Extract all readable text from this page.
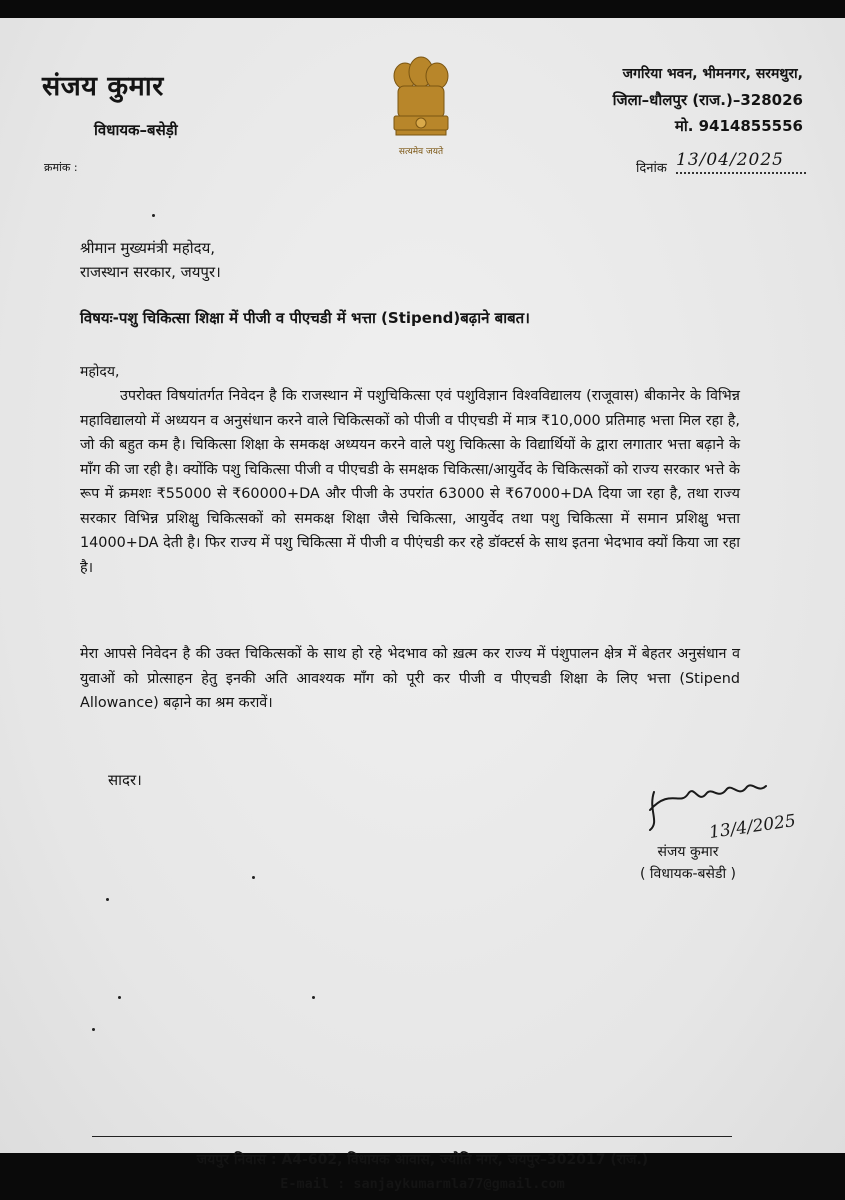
संजय कुमार
विधायक–बसेड़ी
सत्यमेव जयते
जगरिया भवन, भीमनगर, सरमथुरा,
जिला–धौलपुर (राज.)–328026
मो. 9414855556
क्रमांक :	दिनांक 13/04/2025
श्रीमान मुख्यमंत्री महोदय,
राजस्थान सरकार, जयपुर।
विषयः-पशु चिकित्सा शिक्षा में पीजी व पीएचडी में भत्ता (Stipend)बढ़ाने बाबत।
महोदय,
उपरोक्त विषयांतर्गत निवेदन है कि राजस्थान में पशुचिकित्सा एवं पशुविज्ञान विश्वविद्यालय (राजूवास) बीकानेर के विभिन्न महाविद्यालयो में अध्ययन व अनुसंधान करने वाले चिकित्सकों को पीजी व पीएचडी में मात्र ₹10,000 प्रतिमाह भत्ता मिल रहा है, जो की बहुत कम है। चिकित्सा शिक्षा के समकक्ष अध्ययन करने वाले पशु चिकित्सा के विद्यार्थियों के द्वारा लगातार भत्ता बढ़ाने के माँग की जा रही है। क्योंकि पशु चिकित्सा पीजी व पीएचडी के समक्षक चिकित्सा/आयुर्वेद के चिकित्सकों को राज्य सरकार भत्ते के रूप में क्रमशः ₹55000 से ₹60000+DA और पीजी के उपरांत 63000 से ₹67000+DA दिया जा रहा है, तथा राज्य सरकार विभिन्न प्रशिक्षु चिकित्सकों को समकक्ष शिक्षा जैसे चिकित्सा, आयुर्वेद तथा पशु चिकित्सा में समान प्रशिक्षु भत्ता 14000+DA देती है। फिर राज्य में पशु चिकित्सा में पीजी व पीएंचडी कर रहे डॉक्टर्स के साथ इतना भेदभाव क्यों किया जा रहा है।
मेरा आपसे निवेदन है की उक्त चिकित्सकों के साथ हो रहे भेदभाव को ख़त्म कर राज्य में पंशुपालन क्षेत्र में बेहतर अनुसंधान व युवाओं को प्रोत्साहन हेतु इनकी अति आवश्यक माँग को पूरी कर पीजी व पीएचडी शिक्षा के लिए भत्ता (Stipend Allowance) बढ़ाने का श्रम करावें।
सादर।
13/4/2025
संजय कुमार
( विधायक-बसेडी )
जयपुर निवास : A4-602, विधायक आवास, ज्योति नगर, जयपुर–302017 (राज.)
E-mail : sanjaykumarmla77@gmail.com
